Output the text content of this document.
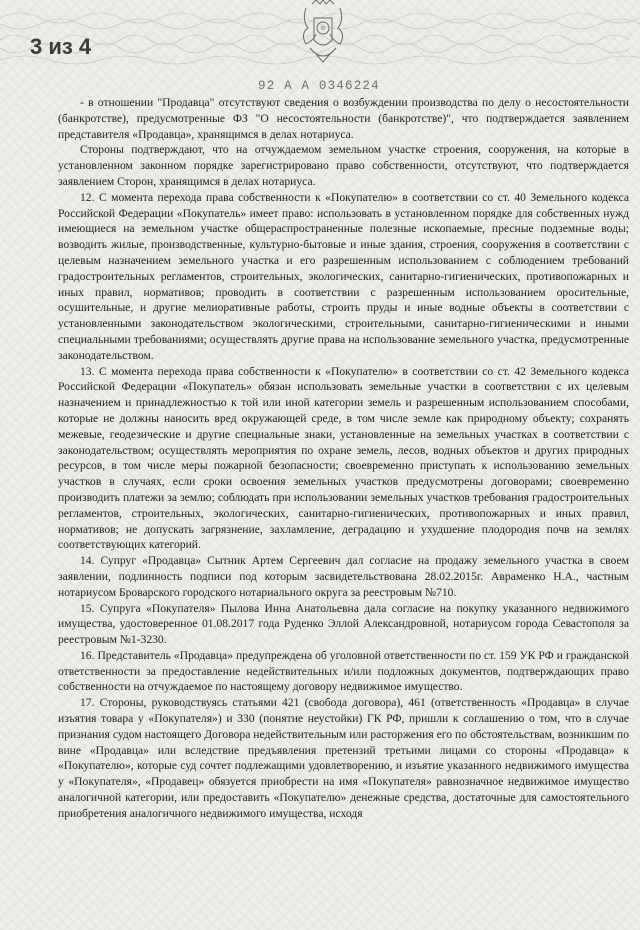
3 из 4
92 А А 0346224

- в отношении "Продавца" отсутствуют сведения о возбуждении производства по делу о несостоятельности (банкротстве), предусмотренные ФЗ "О несостоятельности (банкротстве)", что подтверждается заявлением представителя «Продавца», хранящимся в делах нотариуса.

Стороны подтверждают, что на отчуждаемом земельном участке строения, сооружения, на которые в установленном законном порядке зарегистрировано право собственности, отсутствуют, что подтверждается заявлением Сторон, хранящимся в делах нотариуса.

12. С момента перехода права собственности к «Покупателю» в соответствии со ст. 40 Земельного кодекса Российской Федерации «Покупатель» имеет право: использовать в установленном порядке для собственных нужд имеющиеся на земельном участке общераспространенные полезные ископаемые, пресные подземные воды; возводить жилые, производственные, культурно-бытовые и иные здания, строения, сооружения в соответствии с целевым назначением земельного участка и его разрешенным использованием с соблюдением требований градостроительных регламентов, строительных, экологических, санитарно-гигиенических, противопожарных и иных правил, нормативов; проводить в соответствии с разрешенным использованием оросительные, осушительные, и другие мелиоративные работы, строить пруды и иные водные объекты в соответствии с установленными законодательством экологическими, строительными, санитарно-гигиеническими и иными специальными требованиями; осуществлять другие права на использование земельного участка, предусмотренные законодательством.

13. С момента перехода права собственности к «Покупателю» в соответствии со ст. 42 Земельного кодекса Российской Федерации «Покупатель» обязан использовать земельные участки в соответствии с их целевым назначением и принадлежностью к той или иной категории земель и разрешенным использованием способами, которые не должны наносить вред окружающей среде, в том числе земле как природному объекту; сохранять межевые, геодезические и другие специальные знаки, установленные на земельных участках в соответствии с законодательством; осуществлять мероприятия по охране земель, лесов, водных объектов и других природных ресурсов, в том числе меры пожарной безопасности; своевременно приступать к использованию земельных участков в случаях, если сроки освоения земельных участков предусмотрены договорами; своевременно производить платежи за землю; соблюдать при использовании земельных участков требования градостроительных регламентов, строительных, экологических, санитарно-гигиенических, противопожарных и иных правил, нормативов; не допускать загрязнение, захламление, деградацию и ухудшение плодородия почв на землях соответствующих категорий.

14. Супруг «Продавца» Сытник Артем Сергеевич дал согласие на продажу земельного участка в своем заявлении, подлинность подписи под которым засвидетельствована 28.02.2015г. Авраменко Н.А., частным нотариусом Броварского городского нотариального округа за реестровым №710.

15. Супруга «Покупателя» Пылова Инна Анатольевна дала согласие на покупку указанного недвижимого имущества, удостоверенное 01.08.2017 года Руденко Эллой Александровной, нотариусом города Севастополя за реестровым №1-3230.

16. Представитель «Продавца» предупреждена об уголовной ответственности по ст. 159 УК РФ и гражданской ответственности за предоставление недействительных и/или подложных документов, подтверждающих право собственности на отчуждаемое по настоящему договору недвижимое имущество.

17. Стороны, руководствуясь статьями 421 (свобода договора), 461 (ответственность «Продавца» в случае изъятия товара у «Покупателя») и 330 (понятие неустойки) ГК РФ, пришли к соглашению о том, что в случае признания судом настоящего Договора недействительным или расторжения его по обстоятельствам, возникшим по вине «Продавца» или вследствие предъявления претензий третьими лицами со стороны «Продавца» к «Покупателю», которые суд сочтет подлежащими удовлетворению, и изъятие указанного недвижимого имущества у «Покупателя», «Продавец» обязуется приобрести на имя «Покупателя» равнозначное недвижимое имущество аналогичной категории, или предоставить «Покупателю» денежные средства, достаточные для самостоятельного приобретения аналогичного недвижимого имущества, исходя
